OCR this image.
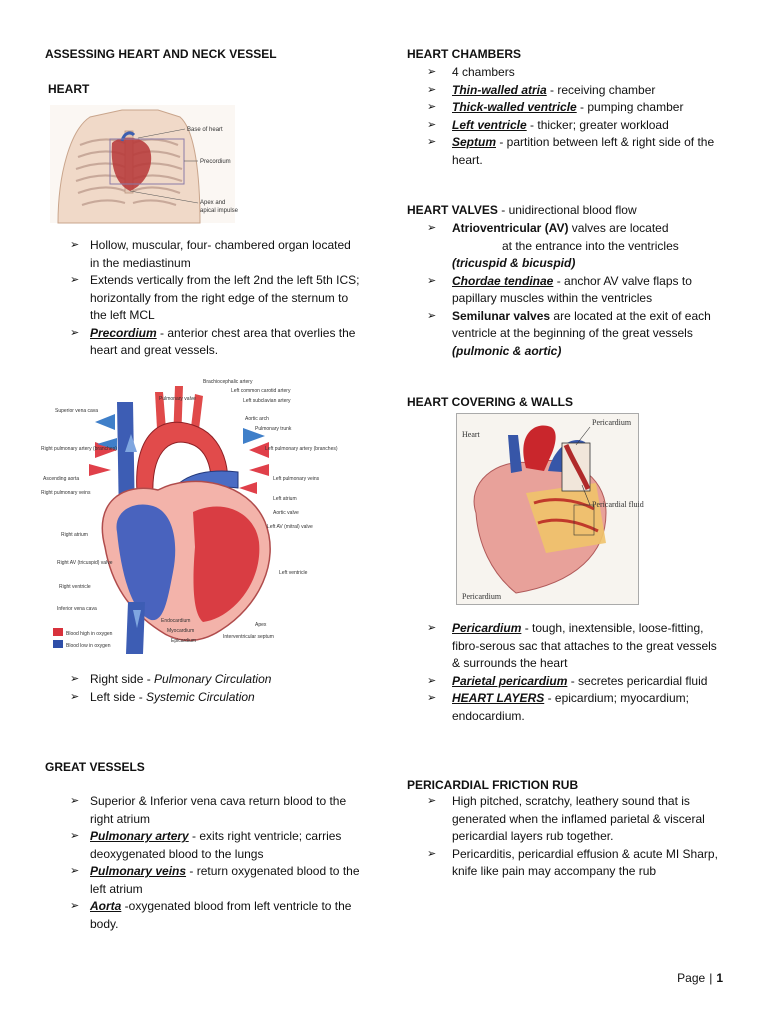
ASSESSING HEART AND NECK VESSEL
HEART
Base of heart
Precordium
Apex and
apical impulse
➢ Hollow, muscular, four- chambered organ located in the mediastinum
➢ Extends vertically from the left 2nd the left 5th ICS; horizontally from the right edge of the sternum to the left MCL
➢ Precordium - anterior chest area that overlies the heart and great vessels.
Blood high in oxygen
Blood low in oxygen
Brachiocephalic artery
Left common carotid artery
Pulmonary valve	Left subclavian artery
Superior vena cava
Aortic arch
Pulmonary trunk
Right pulmonary artery (branches)	Left pulmonary artery (branches)
Ascending aorta	Left pulmonary veins
Right pulmonary veins
Left atrium
Aortic valve
Right atrium
Left AV (mitral) valve
Right AV (tricuspid) valve
Right ventricle
Left ventricle
Inferior vena cava
Endocardium
Myocardium
Epicardium
Apex
Interventricular septum
➢ Right side - Pulmonary Circulation
➢ Left side - Systemic Circulation
GREAT VESSELS
➢ Superior & Inferior vena cava return blood to the right atrium
➢ Pulmonary artery - exits right ventricle; carries deoxygenated blood to the lungs
➢ Pulmonary veins - return oxygenated blood to the left atrium
➢ Aorta -oxygenated blood from left ventricle to the body.
HEART CHAMBERS
➢ 4 chambers
➢ Thin-walled atria - receiving chamber
➢ Thick-walled ventricle - pumping chamber
➢ Left ventricle - thicker; greater workload
➢ Septum - partition between left & right side of the heart.
HEART VALVES - unidirectional blood flow
➢ Atrioventricular (AV) valves are located
at the entrance into the ventricles
(tricuspid & bicuspid)
➢ Chordae tendinae - anchor AV valve flaps to papillary muscles within the ventricles
➢ Semilunar valves are located at the exit of each ventricle at the beginning of the great vessels
(pulmonic & aortic)
HEART COVERING & WALLS
Heart
Pericardium
Pericardial fluid
Pericardium
➢ Pericardium - tough, inextensible, loose-fitting, fibro-serous sac that attaches to the great vessels & surrounds the heart
➢ Parietal pericardium - secretes pericardial fluid
➢ HEART LAYERS - epicardium; myocardium; endocardium.
PERICARDIAL FRICTION RUB
➢ High pitched, scratchy, leathery sound that is generated when the inflamed parietal & visceral pericardial layers rub together.
➢ Pericarditis, pericardial effusion & acute MI Sharp, knife like pain may accompany the rub
Page | 1
